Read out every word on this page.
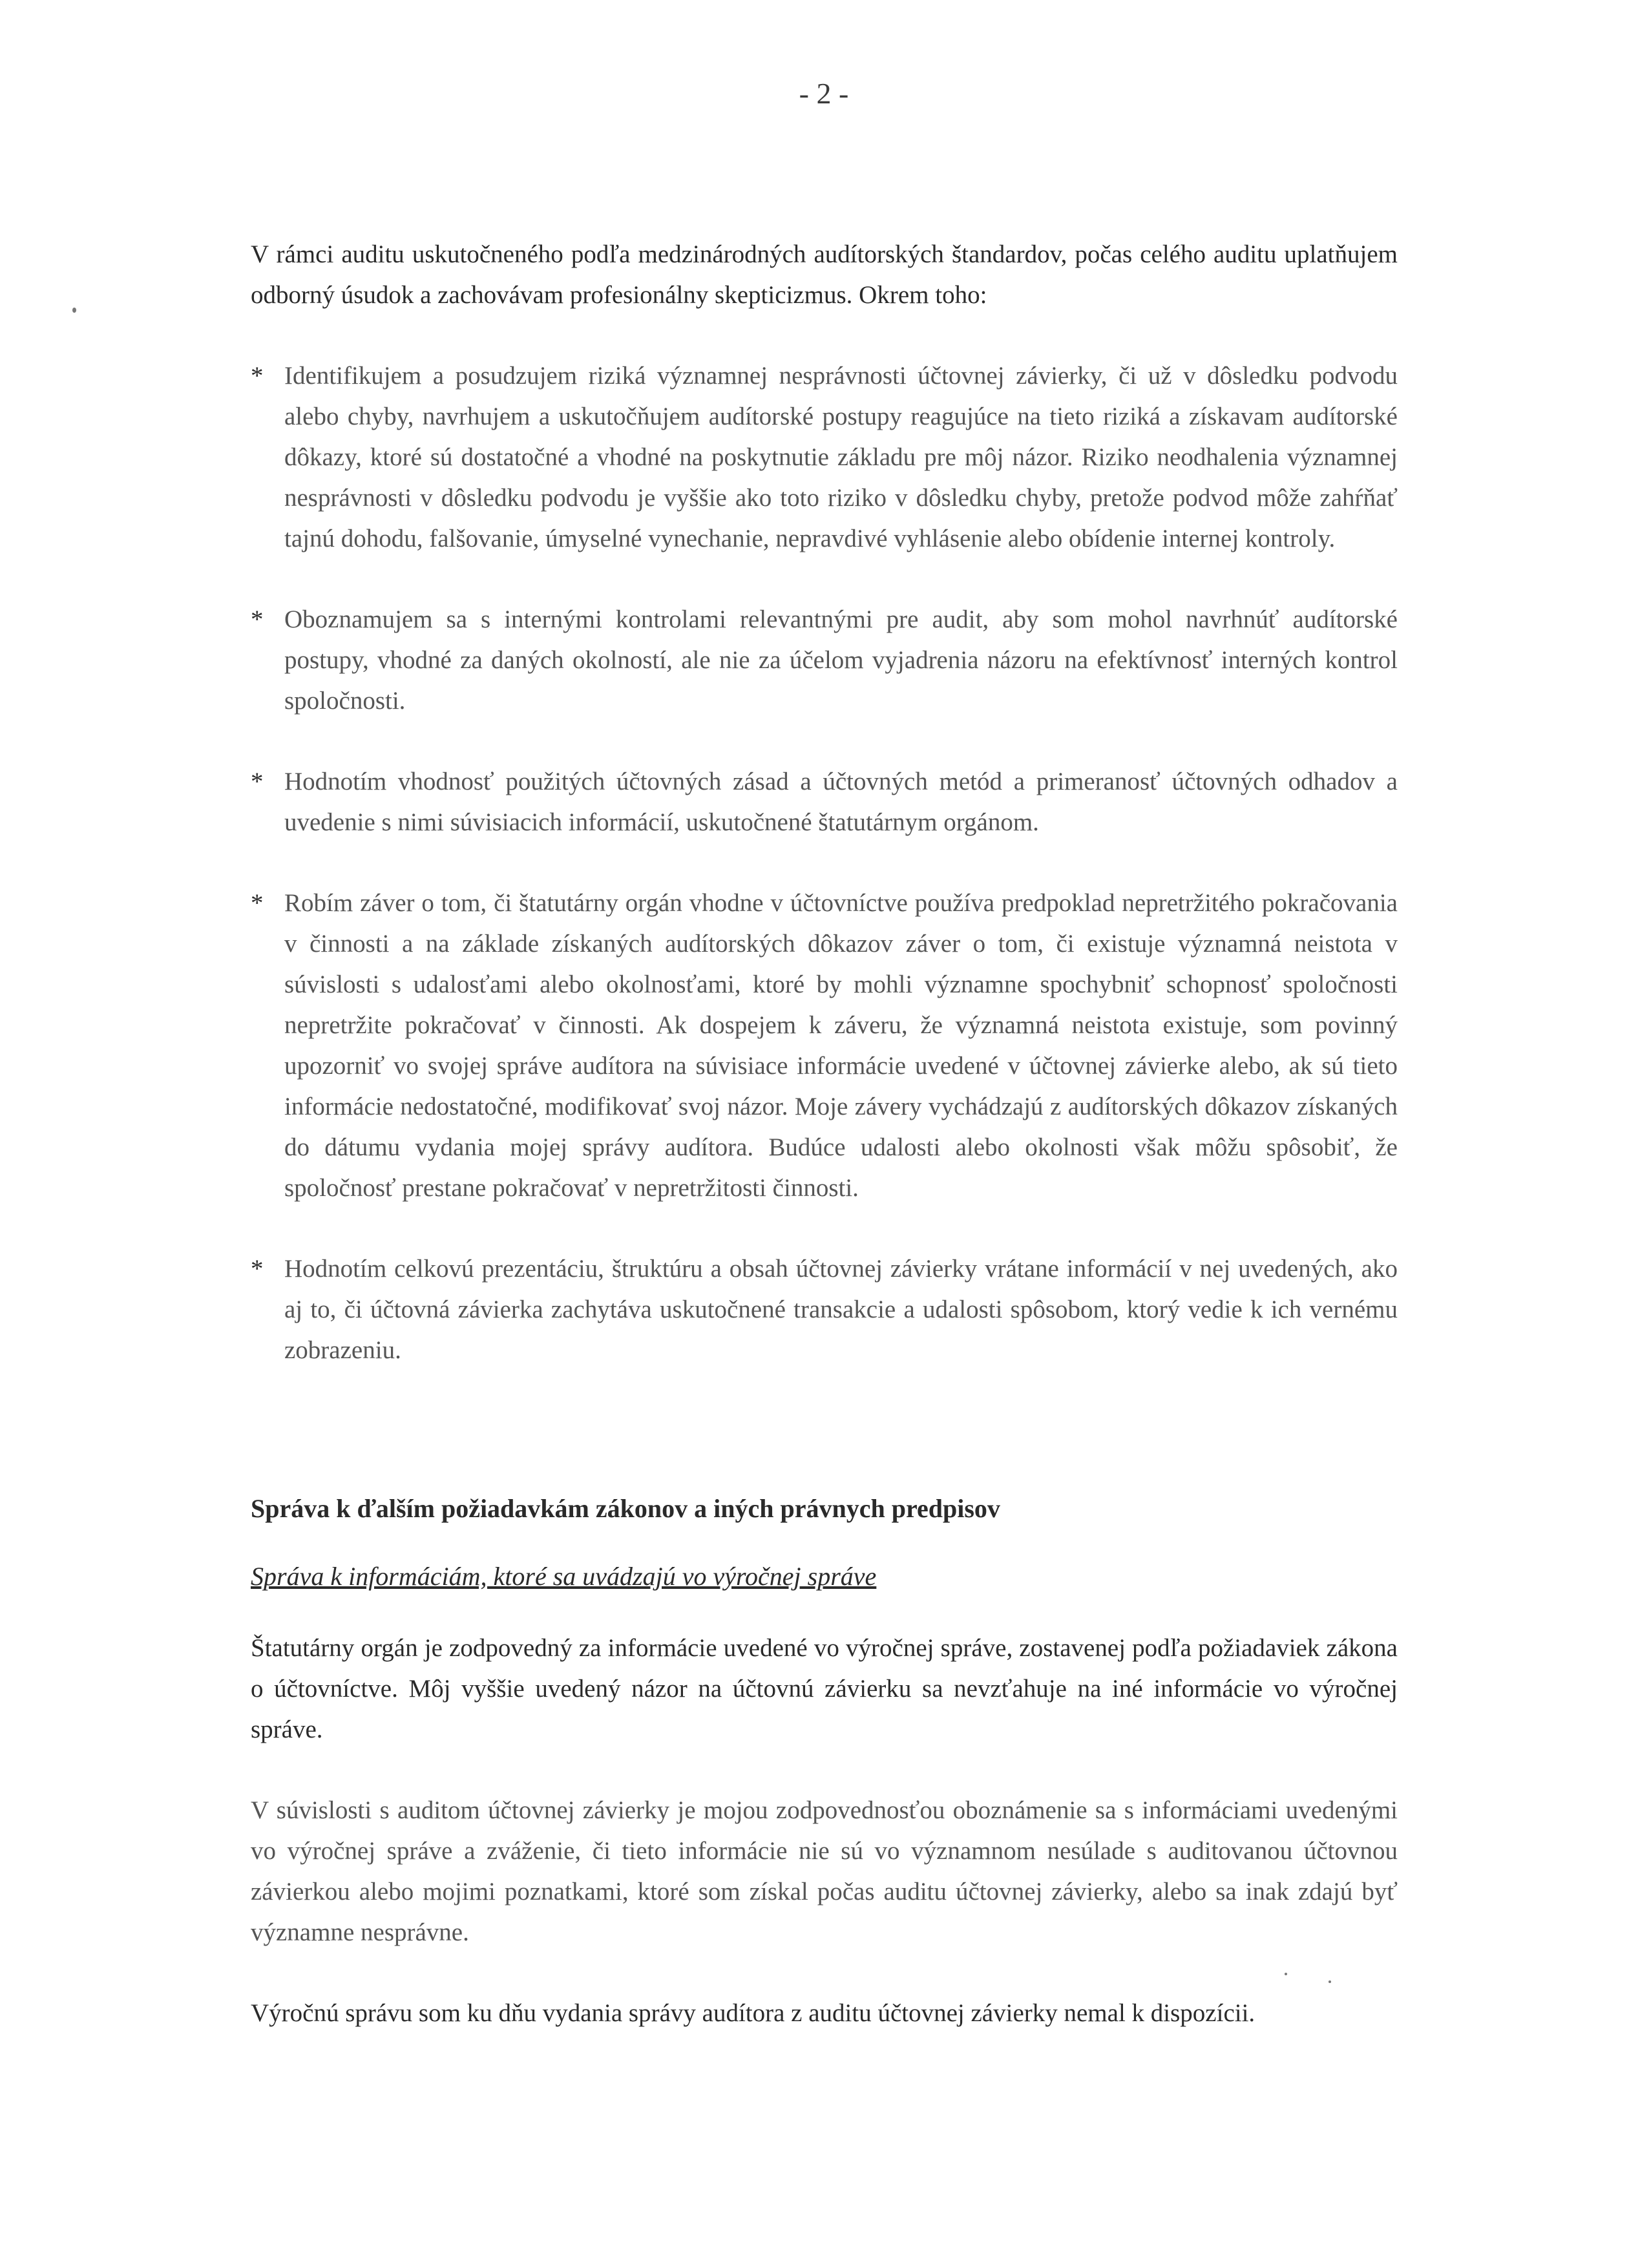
- 2 -

V rámci auditu uskutočneného podľa medzinárodných audítorských štandardov, počas celého auditu uplatňujem odborný úsudok a zachovávam profesionálny skepticizmus. Okrem toho:

* Identifikujem a posudzujem riziká významnej nesprávnosti účtovnej závierky, či už v dôsledku podvodu alebo chyby, navrhujem a uskutočňujem audítorské postupy reagujúce na tieto riziká a získavam audítorské dôkazy, ktoré sú dostatočné a vhodné na poskytnutie základu pre môj názor. Riziko neodhalenia významnej nesprávnosti v dôsledku podvodu je vyššie ako toto riziko v dôsledku chyby, pretože podvod môže zahŕňať tajnú dohodu, falšovanie, úmyselné vynechanie, nepravdivé vyhlásenie alebo obídenie internej kontroly.
* Oboznamujem sa s internými kontrolami relevantnými pre audit, aby som mohol navrhnúť audítorské postupy, vhodné za daných okolností, ale nie za účelom vyjadrenia názoru na efektívnosť interných kontrol spoločnosti.
* Hodnotím vhodnosť použitých účtovných zásad a účtovných metód a primeranosť účtovných odhadov a uvedenie s nimi súvisiacich informácií, uskutočnené štatutárnym orgánom.
* Robím záver o tom, či štatutárny orgán vhodne v účtovníctve používa predpoklad nepretržitého pokračovania v činnosti a na základe získaných audítorských dôkazov záver o tom, či existuje významná neistota v súvislosti s udalosťami alebo okolnosťami, ktoré by mohli významne spochybniť schopnosť spoločnosti nepretržite pokračovať v činnosti. Ak dospejem k záveru, že významná neistota existuje, som povinný upozorniť vo svojej správe audítora na súvisiace informácie uvedené v účtovnej závierke alebo, ak sú tieto informácie nedostatočné, modifikovať svoj názor. Moje závery vychádzajú z audítorských dôkazov získaných do dátumu vydania mojej správy audítora. Budúce udalosti alebo okolnosti však môžu spôsobiť, že spoločnosť prestane pokračovať v nepretržitosti činnosti.
* Hodnotím celkovú prezentáciu, štruktúru a obsah účtovnej závierky vrátane informácií v nej uvedených, ako aj to, či účtovná závierka zachytáva uskutočnené transakcie a udalosti spôsobom, ktorý vedie k ich vernému zobrazeniu.
Správa k ďalším požiadavkám zákonov a iných právnych predpisov
Správa k informáciám, ktoré sa uvádzajú vo výročnej správe

Štatutárny orgán je zodpovedný za informácie uvedené vo výročnej správe, zostavenej podľa požiadaviek zákona o účtovníctve. Môj vyššie uvedený názor na účtovnú závierku sa nevzťahuje na iné informácie vo výročnej správe.

V súvislosti s auditom účtovnej závierky je mojou zodpovednosťou oboznámenie sa s informáciami uvedenými vo výročnej správe a zváženie, či tieto informácie nie sú vo významnom nesúlade s auditovanou účtovnou závierkou alebo mojimi poznatkami, ktoré som získal počas auditu účtovnej závierky, alebo sa inak zdajú byť významne nesprávne.

Výročnú správu som ku dňu vydania správy audítora z auditu účtovnej závierky nemal k dispozícii.
